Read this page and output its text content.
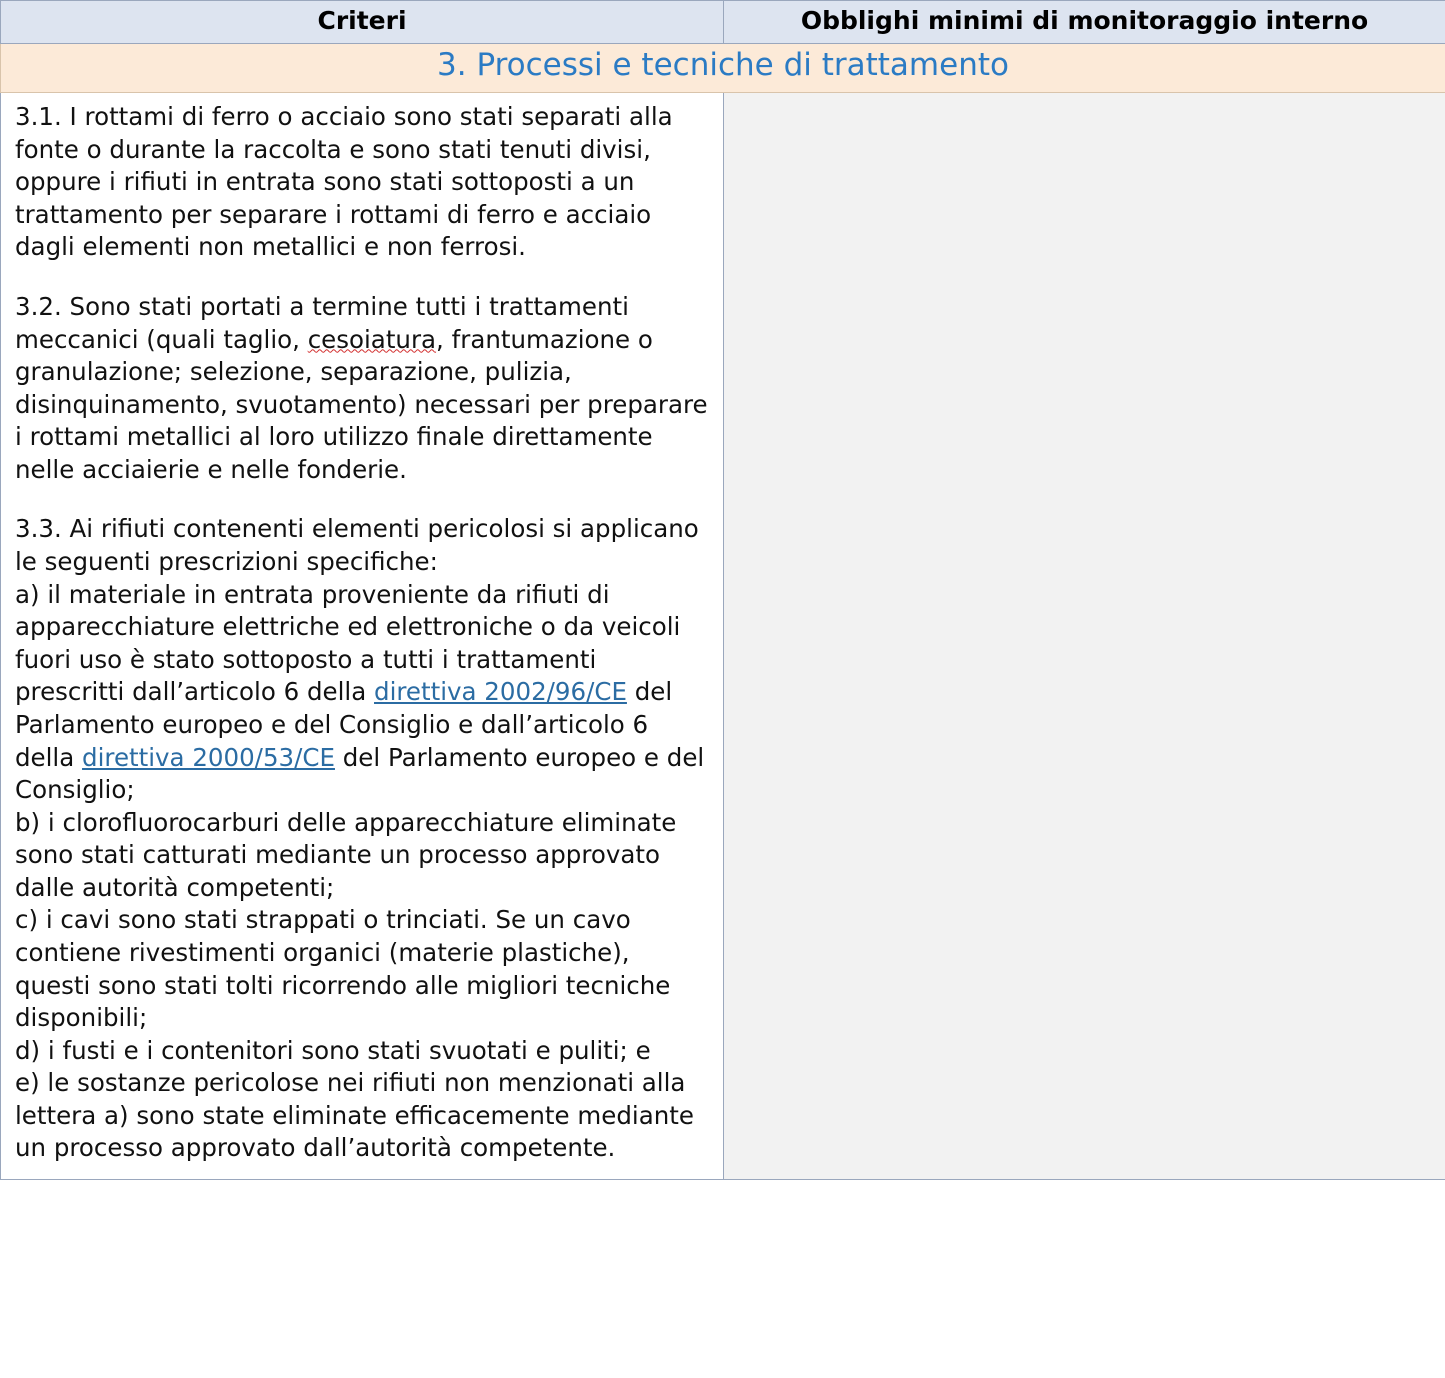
Criteri	Obblighi minimi di monitoraggio interno
3. Processi e tecniche di trattamento	

3.1. I rottami di ferro o acciaio sono stati separati alla fonte o durante la raccolta e sono stati tenuti divisi, oppure i rifiuti in entrata sono stati sottoposti a un trattamento per separare i rottami di ferro e acciaio dagli elementi non metallici e non ferrosi.

3.2. Sono stati portati a termine tutti i trattamenti meccanici (quali taglio, cesoiatura, frantumazione o granulazione; selezione, separazione, pulizia, disinquinamento, svuotamento) necessari per preparare i rottami metallici al loro utilizzo finale direttamente nelle acciaierie e nelle fonderie.

3.3. Ai rifiuti contenenti elementi pericolosi si applicano le seguenti prescrizioni specifiche:
a) il materiale in entrata proveniente da rifiuti di apparecchiature elettriche ed elettroniche o da veicoli fuori uso è stato sottoposto a tutti i trattamenti prescritti dall’articolo 6 della direttiva 2002/96/CE del Parlamento europeo e del Consiglio e dall’articolo 6 della direttiva 2000/53/CE del Parlamento europeo e del Consiglio;
b) i clorofluorocarburi delle apparecchiature eliminate sono stati catturati mediante un processo approvato dalle autorità competenti;
c) i cavi sono stati strappati o trinciati. Se un cavo contiene rivestimenti organici (materie plastiche), questi sono stati tolti ricorrendo alle migliori tecniche disponibili;
d) i fusti e i contenitori sono stati svuotati e puliti; e
e) le sostanze pericolose nei rifiuti non menzionati alla lettera a) sono state eliminate efficacemente mediante un processo approvato dall’autorità competente.
